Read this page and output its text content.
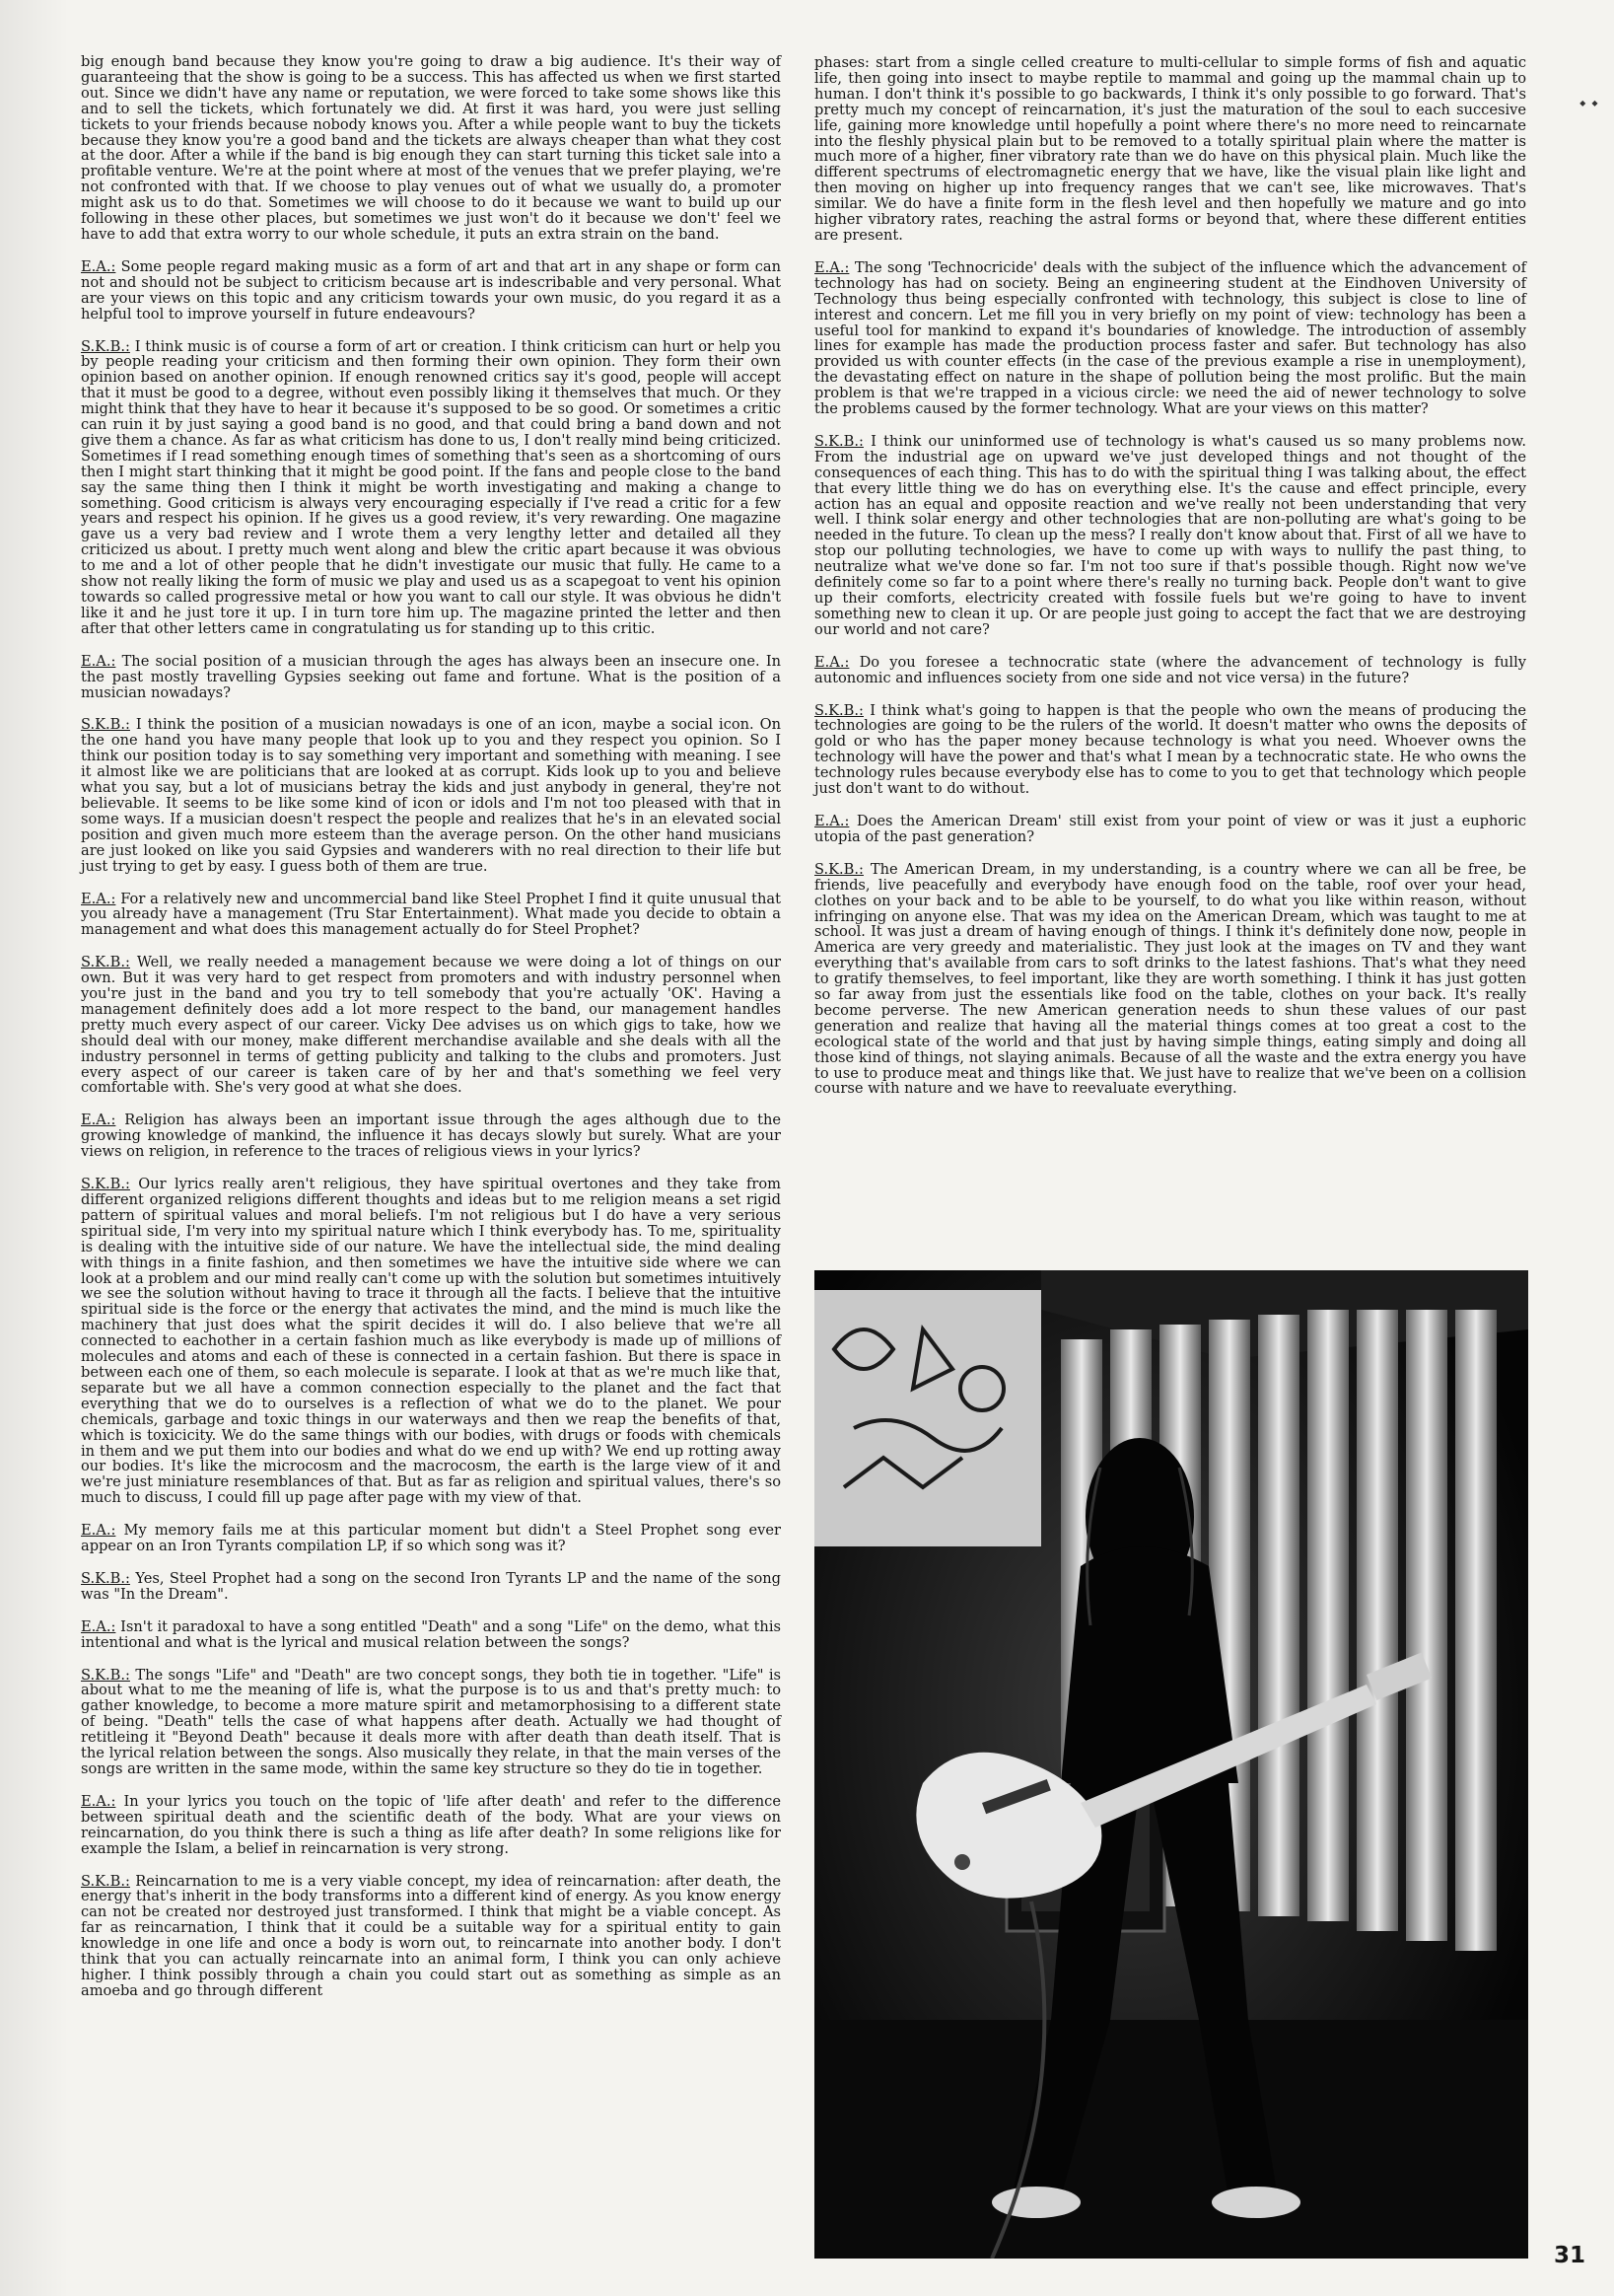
big enough band because they know you're going to draw a big audience. It's their way of guaranteeing that the show is going to be a success. This has affected us when we first started out. Since we didn't have any name or reputation, we were forced to take some shows like this and to sell the tickets, which fortunately we did. At first it was hard, you were just selling tickets to your friends because nobody knows you. After a while people want to buy the tickets because they know you're a good band and the tickets are always cheaper than what they cost at the door. After a while if the band is big enough they can start turning this ticket sale into a profitable venture. We're at the point where at most of the venues that we prefer playing, we're not confronted with that. If we choose to play venues out of what we usually do, a promoter might ask us to do that. Sometimes we will choose to do it because we want to build up our following in these other places, but sometimes we just won't do it because we don't' feel we have to add that extra worry to our whole schedule, it puts an extra strain on the band.

E.A.: Some people regard making music as a form of art and that art in any shape or form can not and should not be subject to criticism because art is indescribable and very personal. What are your views on this topic and any criticism towards your own music, do you regard it as a helpful tool to improve yourself in future endeavours?

S.K.B.: I think music is of course a form of art or creation. I think criticism can hurt or help you by people reading your criticism and then forming their own opinion. They form their own opinion based on another opinion. If enough renowned critics say it's good, people will accept that it must be good to a degree, without even possibly liking it themselves that much. Or they might think that they have to hear it because it's supposed to be so good. Or sometimes a critic can ruin it by just saying a good band is no good, and that could bring a band down and not give them a chance. As far as what criticism has done to us, I don't really mind being criticized. Sometimes if I read something enough times of something that's seen as a shortcoming of ours then I might start thinking that it might be good point. If the fans and people close to the band say the same thing then I think it might be worth investigating and making a change to something. Good criticism is always very encouraging especially if I've read a critic for a few years and respect his opinion. If he gives us a good review, it's very rewarding. One magazine gave us a very bad review and I wrote them a very lengthy letter and detailed all they criticized us about. I pretty much went along and blew the critic apart because it was obvious to me and a lot of other people that he didn't investigate our music that fully. He came to a show not really liking the form of music we play and used us as a scapegoat to vent his opinion towards so called progressive metal or how you want to call our style. It was obvious he didn't like it and he just tore it up. I in turn tore him up. The magazine printed the letter and then after that other letters came in congratulating us for standing up to this critic.

E.A.: The social position of a musician through the ages has always been an insecure one. In the past mostly travelling Gypsies seeking out fame and fortune. What is the position of a musician nowadays?

S.K.B.: I think the position of a musician nowadays is one of an icon, maybe a social icon. On the one hand you have many people that look up to you and they respect you opinion. So I think our position today is to say something very important and something with meaning. I see it almost like we are politicians that are looked at as corrupt. Kids look up to you and believe what you say, but a lot of musicians betray the kids and just anybody in general, they're not believable. It seems to be like some kind of icon or idols and I'm not too pleased with that in some ways. If a musician doesn't respect the people and realizes that he's in an elevated social position and given much more esteem than the average person. On the other hand musicians are just looked on like you said Gypsies and wanderers with no real direction to their life but just trying to get by easy. I guess both of them are true.

E.A.: For a relatively new and uncommercial band like Steel Prophet I find it quite unusual that you already have a management (Tru Star Entertainment). What made you decide to obtain a management and what does this management actually do for Steel Prophet?

S.K.B.: Well, we really needed a management because we were doing a lot of things on our own. But it was very hard to get respect from promoters and with industry personnel when you're just in the band and you try to tell somebody that you're actually 'OK'. Having a management definitely does add a lot more respect to the band, our management handles pretty much every aspect of our career. Vicky Dee advises us on which gigs to take, how we should deal with our money, make different merchandise available and she deals with all the industry personnel in terms of getting publicity and talking to the clubs and promoters. Just every aspect of our career is taken care of by her and that's something we feel very comfortable with. She's very good at what she does.

E.A.: Religion has always been an important issue through the ages although due to the growing knowledge of mankind, the influence it has decays slowly but surely. What are your views on religion, in reference to the traces of religious views in your lyrics?

S.K.B.: Our lyrics really aren't religious, they have spiritual overtones and they take from different organized religions different thoughts and ideas but to me religion means a set rigid pattern of spiritual values and moral beliefs. I'm not religious but I do have a very serious spiritual side, I'm very into my spiritual nature which I think everybody has. To me, spirituality is dealing with the intuitive side of our nature. We have the intellectual side, the mind dealing with things in a finite fashion, and then sometimes we have the intuitive side where we can look at a problem and our mind really can't come up with the solution but sometimes intuitively we see the solution without having to trace it through all the facts. I believe that the intuitive spiritual side is the force or the energy that activates the mind, and the mind is much like the machinery that just does what the spirit decides it will do. I also believe that we're all connected to eachother in a certain fashion much as like everybody is made up of millions of molecules and atoms and each of these is connected in a certain fashion. But there is space in between each one of them, so each molecule is separate. I look at that as we're much like that, separate but we all have a common connection especially to the planet and the fact that everything that we do to ourselves is a reflection of what we do to the planet. We pour chemicals, garbage and toxic things in our waterways and then we reap the benefits of that, which is toxicicity. We do the same things with our bodies, with drugs or foods with chemicals in them and we put them into our bodies and what do we end up with? We end up rotting away our bodies. It's like the microcosm and the macrocosm, the earth is the large view of it and we're just miniature resemblances of that. But as far as religion and spiritual values, there's so much to discuss, I could fill up page after page with my view of that.

E.A.: My memory fails me at this particular moment but didn't a Steel Prophet song ever appear on an Iron Tyrants compilation LP, if so which song was it?

S.K.B.: Yes, Steel Prophet had a song on the second Iron Tyrants LP and the name of the song was "In the Dream".

E.A.: Isn't it paradoxal to have a song entitled "Death" and a song "Life" on the demo, what this intentional and what is the lyrical and musical relation between the songs?

S.K.B.: The songs "Life" and "Death" are two concept songs, they both tie in together. "Life" is about what to me the meaning of life is, what the purpose is to us and that's pretty much: to gather knowledge, to become a more mature spirit and metamorphosising to a different state of being. "Death" tells the case of what happens after death. Actually we had thought of retitleing it "Beyond Death" because it deals more with after death than death itself. That is the lyrical relation between the songs. Also musically they relate, in that the main verses of the songs are written in the same mode, within the same key structure so they do tie in together.

E.A.: In your lyrics you touch on the topic of 'life after death' and refer to the difference between spiritual death and the scientific death of the body. What are your views on reincarnation, do you think there is such a thing as life after death? In some religions like for example the Islam, a belief in reincarnation is very strong.

S.K.B.: Reincarnation to me is a very viable concept, my idea of reincarnation: after death, the energy that's inherit in the body transforms into a different kind of energy. As you know energy can not be created nor destroyed just transformed. I think that might be a viable concept. As far as reincarnation, I think that it could be a suitable way for a spiritual entity to gain knowledge in one life and once a body is worn out, to reincarnate into another body. I don't think that you can actually reincarnate into an animal form, I think you can only achieve higher. I think possibly through a chain you could start out as something as simple as an amoeba and go through different

phases: start from a single celled creature to multi-cellular to simple forms of fish and aquatic life, then going into insect to maybe reptile to mammal and going up the mammal chain up to human. I don't think it's possible to go backwards, I think it's only possible to go forward. That's pretty much my concept of reincarnation, it's just the maturation of the soul to each succesive life, gaining more knowledge until hopefully a point where there's no more need to reincarnate into the fleshly physical plain but to be removed to a totally spiritual plain where the matter is much more of a higher, finer vibratory rate than we do have on this physical plain. Much like the different spectrums of electromagnetic energy that we have, like the visual plain like light and then moving on higher up into frequency ranges that we can't see, like microwaves. That's similar. We do have a finite form in the flesh level and then hopefully we mature and go into higher vibratory rates, reaching the astral forms or beyond that, where these different entities are present.

E.A.: The song 'Technocricide' deals with the subject of the influence which the advancement of technology has had on society. Being an engineering student at the Eindhoven University of Technology thus being especially confronted with technology, this subject is close to line of interest and concern. Let me fill you in very briefly on my point of view: technology has been a useful tool for mankind to expand it's boundaries of knowledge. The introduction of assembly lines for example has made the production process faster and safer. But technology has also provided us with counter effects (in the case of the previous example a rise in unemployment), the devastating effect on nature in the shape of pollution being the most prolific. But the main problem is that we're trapped in a vicious circle: we need the aid of newer technology to solve the problems caused by the former technology. What are your views on this matter?

S.K.B.: I think our uninformed use of technology is what's caused us so many problems now. From the industrial age on upward we've just developed things and not thought of the consequences of each thing. This has to do with the spiritual thing I was talking about, the effect that every little thing we do has on everything else. It's the cause and effect principle, every action has an equal and opposite reaction and we've really not been understanding that very well. I think solar energy and other technologies that are non-polluting are what's going to be needed in the future. To clean up the mess? I really don't know about that. First of all we have to stop our polluting technologies, we have to come up with ways to nullify the past thing, to neutralize what we've done so far. I'm not too sure if that's possible though. Right now we've definitely come so far to a point where there's really no turning back. People don't want to give up their comforts, electricity created with fossile fuels but we're going to have to invent something new to clean it up. Or are people just going to accept the fact that we are destroying our world and not care?

E.A.: Do you foresee a technocratic state (where the advancement of technology is fully autonomic and influences society from one side and not vice versa) in the future?

S.K.B.: I think what's going to happen is that the people who own the means of producing the technologies are going to be the rulers of the world. It doesn't matter who owns the deposits of gold or who has the paper money because technology is what you need. Whoever owns the technology will have the power and that's what I mean by a technocratic state. He who owns the technology rules because everybody else has to come to you to get that technology which people just don't want to do without.

E.A.: Does the American Dream' still exist from your point of view or was it just a euphoric utopia of the past generation?

S.K.B.: The American Dream, in my understanding, is a country where we can all be free, be friends, live peacefully and everybody have enough food on the table, roof over your head, clothes on your back and to be able to be yourself, to do what you like within reason, without infringing on anyone else. That was my idea on the American Dream, which was taught to me at school. It was just a dream of having enough of things. I think it's definitely done now, people in America are very greedy and materialistic. They just look at the images on TV and they want everything that's available from cars to soft drinks to the latest fashions. That's what they need to gratify themselves, to feel important, like they are worth something. I think it has just gotten so far away from just the essentials like food on the table, clothes on your back. It's really become perverse. The new American generation needs to shun these values of our past generation and realize that having all the material things comes at too great a cost to the ecological state of the world and that just by having simple things, eating simply and doing all those kind of things, not slaying animals. Because of all the waste and the extra energy you have to use to produce meat and things like that. We just have to realize that we've been on a collision course with nature and we have to reevaluate everything.

⬩ ⬩
31
